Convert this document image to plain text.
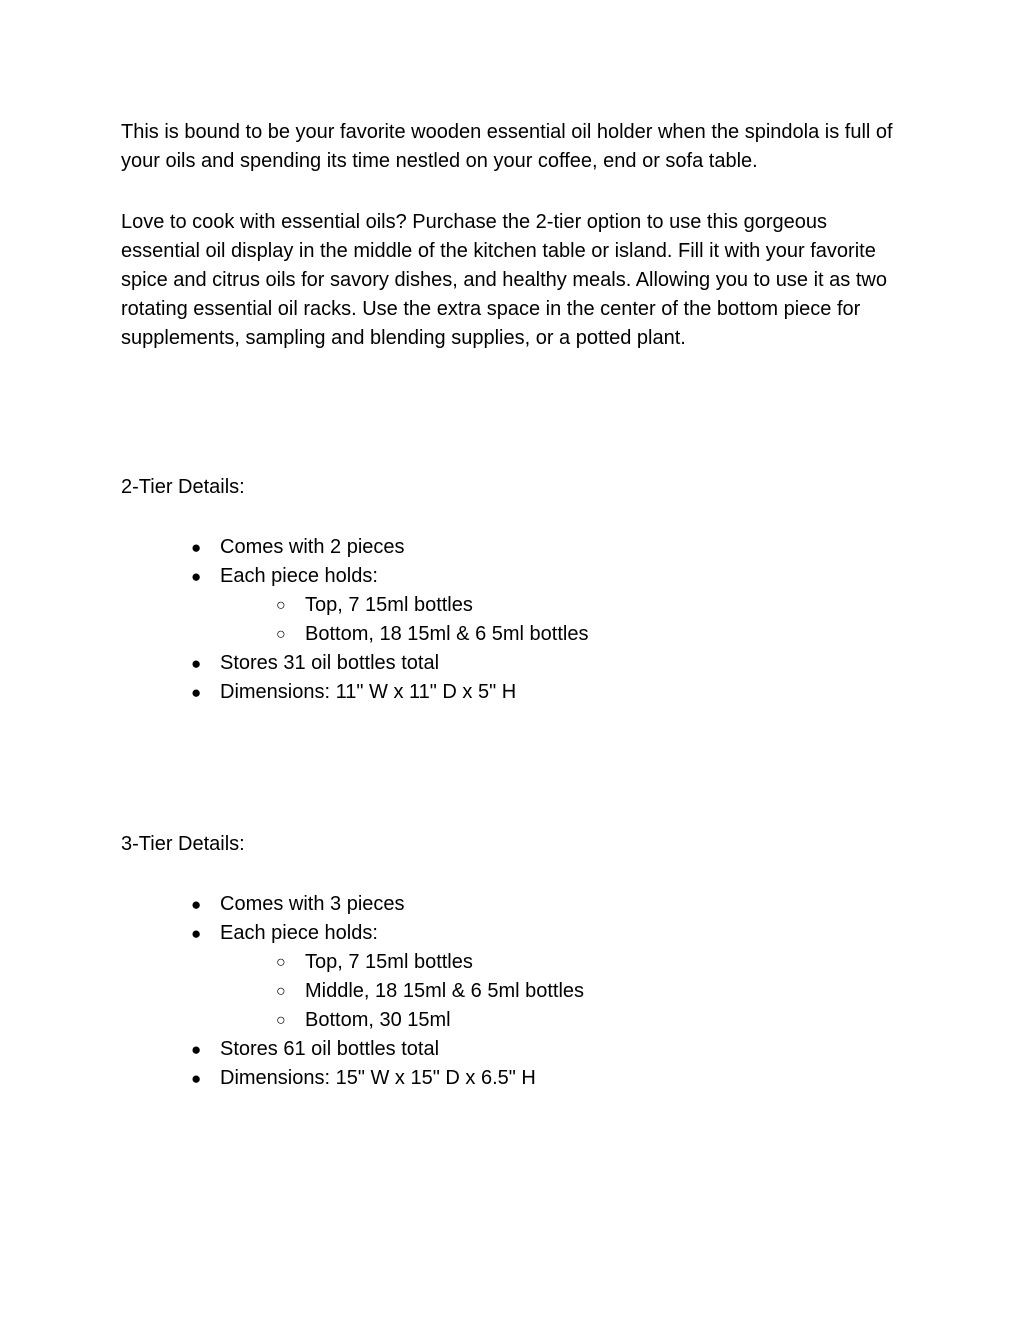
This is bound to be your favorite wooden essential oil holder when the spindola is full of your oils and spending its time nestled on your coffee, end or sofa table.

Love to cook with essential oils? Purchase the 2-tier option to use this gorgeous essential oil display in the middle of the kitchen table or island. Fill it with your favorite spice and citrus oils for savory dishes, and healthy meals. Allowing you to use it as two rotating essential oil racks. Use the extra space in the center of the bottom piece for supplements, sampling and blending supplies, or a potted plant.

2-Tier Details:

● Comes with 2 pieces
● Each piece holds:
○ Top, 7 15ml bottles
○ Bottom, 18 15ml & 6 5ml bottles
● Stores 31 oil bottles total
● Dimensions: 11" W x 11" D x 5" H

3-Tier Details:

● Comes with 3 pieces
● Each piece holds:
○ Top, 7 15ml bottles
○ Middle, 18 15ml & 6 5ml bottles
○ Bottom, 30 15ml
● Stores 61 oil bottles total
● Dimensions: 15" W x 15" D x 6.5" H
